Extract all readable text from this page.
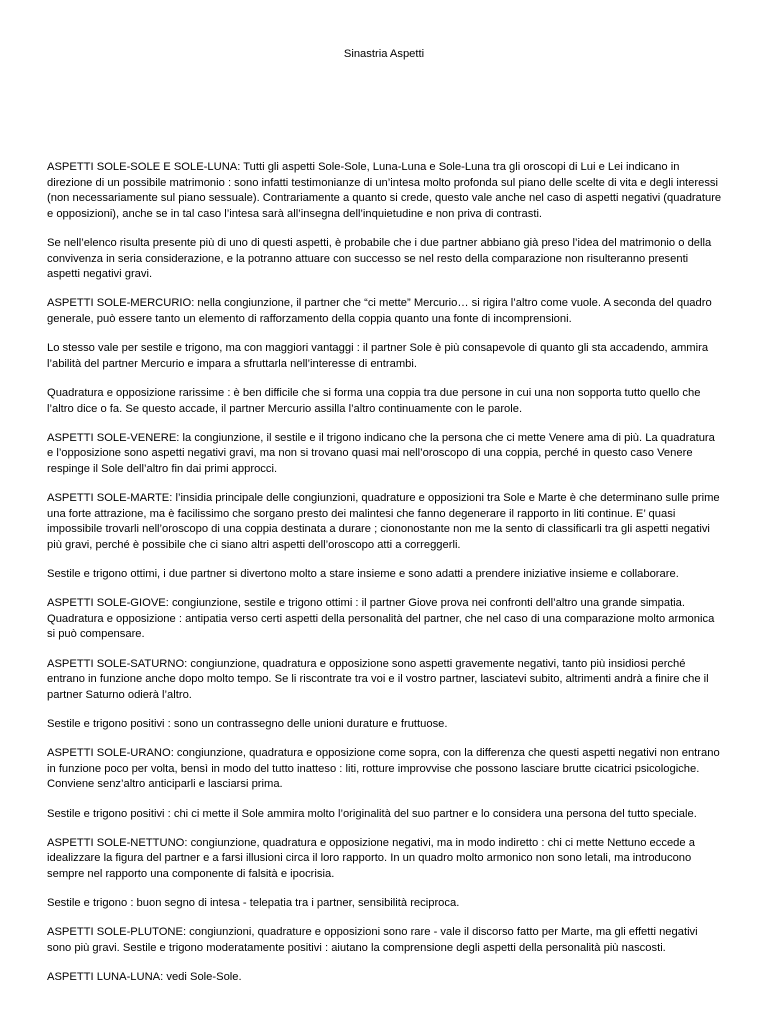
Sinastria Aspetti

ASPETTI SOLE-SOLE E SOLE-LUNA: Tutti gli aspetti Sole-Sole, Luna-Luna e Sole-Luna tra gli oroscopi di Lui e Lei indicano in direzione di un possibile matrimonio : sono infatti testimonianze di un’intesa molto profonda sul piano delle scelte di vita e degli interessi (non necessariamente sul piano sessuale). Contrariamente a quanto si crede, questo vale anche nel caso di aspetti negativi (quadrature e opposizioni), anche se in tal caso l’intesa sarà all’insegna dell’inquietudine e non priva di contrasti.

Se nell’elenco risulta presente più di uno di questi aspetti, è probabile che i due partner abbiano già preso l’idea del matrimonio o della convivenza in seria considerazione, e la potranno attuare con successo se nel resto della comparazione non risulteranno presenti aspetti negativi gravi.

ASPETTI SOLE-MERCURIO: nella congiunzione, il partner che “ci mette” Mercurio… si rigira l’altro come vuole. A seconda del quadro generale, può essere tanto un elemento di rafforzamento della coppia quanto una fonte di incomprensioni.

Lo stesso vale per sestile e trigono, ma con maggiori vantaggi : il partner Sole è più consapevole di quanto gli sta accadendo, ammira l’abilità del partner Mercurio e impara a sfruttarla nell’interesse di entrambi.

Quadratura e opposizione rarissime : è ben difficile che si forma una coppia tra due persone in cui una non sopporta tutto quello che l’altro dice o fa. Se questo accade, il partner Mercurio assilla l’altro continuamente con le parole.

ASPETTI SOLE-VENERE: la congiunzione, il sestile e il trigono indicano che la persona che ci mette Venere ama di più. La quadratura e l’opposizione sono aspetti negativi gravi, ma non si trovano quasi mai nell’oroscopo di una coppia, perché in questo caso Venere respinge il Sole dell’altro fin dai primi approcci.

ASPETTI SOLE-MARTE: l’insidia principale delle congiunzioni, quadrature e opposizioni tra Sole e Marte è che determinano sulle prime una forte attrazione, ma è facilissimo che sorgano presto dei malintesi che fanno degenerare il rapporto in liti continue. E’ quasi impossibile trovarli nell’oroscopo di una coppia destinata a durare ; ciononostante non me la sento di classificarli tra gli aspetti negativi più gravi, perché è possibile che ci siano altri aspetti dell’oroscopo atti a correggerli.

Sestile e trigono ottimi, i due partner si divertono molto a stare insieme e sono adatti a prendere iniziative insieme e collaborare.

ASPETTI SOLE-GIOVE: congiunzione, sestile e trigono ottimi : il partner Giove prova nei confronti dell’altro una grande simpatia. Quadratura e opposizione : antipatia verso certi aspetti della personalità del partner, che nel caso di una comparazione molto armonica si può compensare.

ASPETTI SOLE-SATURNO: congiunzione, quadratura e opposizione sono aspetti gravemente negativi, tanto più insidiosi perché entrano in funzione anche dopo molto tempo. Se li riscontrate tra voi e il vostro partner, lasciatevi subito, altrimenti andrà a finire che il partner Saturno odierà l’altro.

Sestile e trigono positivi : sono un contrassegno delle unioni durature e fruttuose.

ASPETTI SOLE-URANO: congiunzione, quadratura e opposizione come sopra, con la differenza che questi aspetti negativi non entrano in funzione poco per volta, bensì in modo del tutto inatteso : liti, rotture improvvise che possono lasciare brutte cicatrici psicologiche. Conviene senz’altro anticiparli e lasciarsi prima.

Sestile e trigono positivi : chi ci mette il Sole ammira molto l’originalità del suo partner e lo considera una persona del tutto speciale.

ASPETTI SOLE-NETTUNO: congiunzione, quadratura e opposizione negativi, ma in modo indiretto : chi ci mette Nettuno eccede a idealizzare la figura del partner e a farsi illusioni circa il loro rapporto. In un quadro molto armonico non sono letali, ma introducono sempre nel rapporto una componente di falsità e ipocrisia.

Sestile e trigono : buon segno di intesa - telepatia tra i partner, sensibilità reciproca.

ASPETTI SOLE-PLUTONE: congiunzioni, quadrature e opposizioni sono rare - vale il discorso fatto per Marte, ma gli effetti negativi sono più gravi. Sestile e trigono moderatamente positivi : aiutano la comprensione degli aspetti della personalità più nascosti.

ASPETTI LUNA-LUNA: vedi Sole-Sole.
